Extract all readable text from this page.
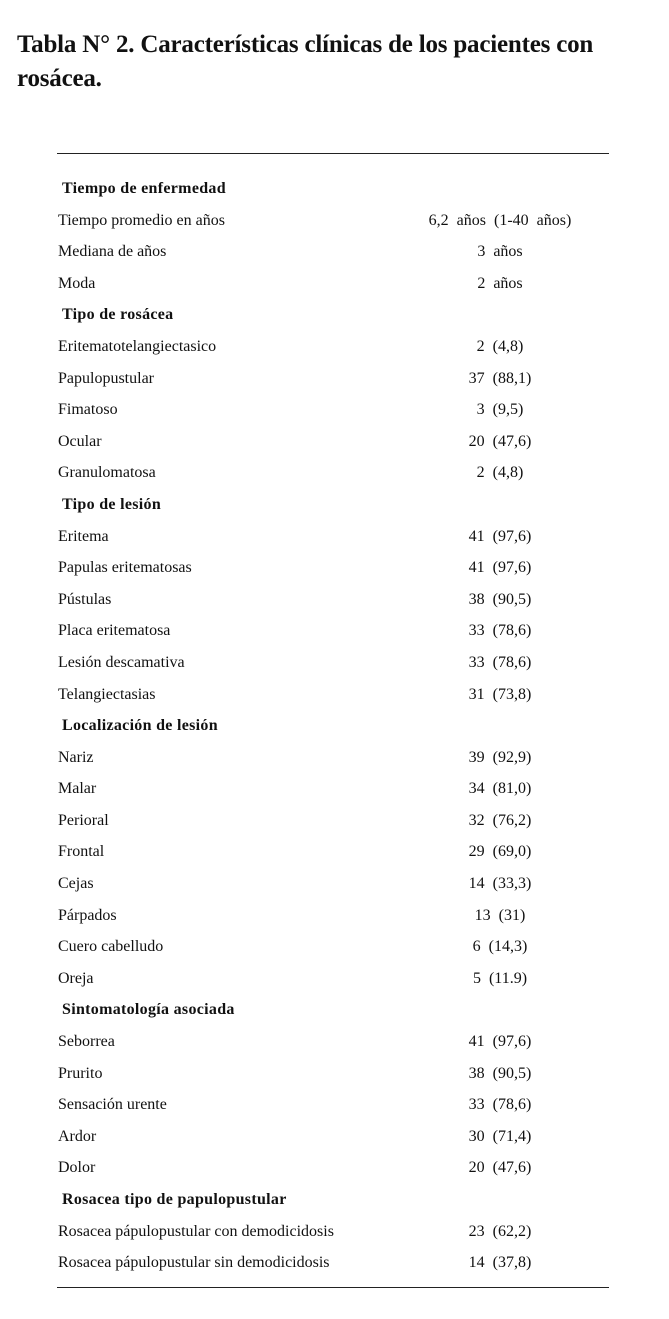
Tabla N° 2. Características clínicas de los pacientes con rosácea.
Tiempo de enfermedad
Tiempo promedio en años	6,2 años (1-40 años)
Mediana de años	3 años
Moda	2 años
Tipo de rosácea
Eritematotelangiectasico	2 (4,8)
Papulopustular	37 (88,1)
Fimatoso	3 (9,5)
Ocular	20 (47,6)
Granulomatosa	2 (4,8)
Tipo de lesión
Eritema	41 (97,6)
Papulas eritematosas	41 (97,6)
Pústulas	38 (90,5)
Placa eritematosa	33 (78,6)
Lesión descamativa	33 (78,6)
Telangiectasias	31 (73,8)
Localización de lesión
Nariz	39 (92,9)
Malar	34 (81,0)
Perioral	32 (76,2)
Frontal	29 (69,0)
Cejas	14 (33,3)
Párpados	13 (31)
Cuero cabelludo	6 (14,3)
Oreja	5 (11.9)
Sintomatología asociada
Seborrea	41 (97,6)
Prurito	38 (90,5)
Sensación urente	33 (78,6)
Ardor	30 (71,4)
Dolor	20 (47,6)
Rosacea tipo de papulopustular
Rosacea pápulopustular con demodicidosis	23 (62,2)
Rosacea pápulopustular sin demodicidosis	14 (37,8)
